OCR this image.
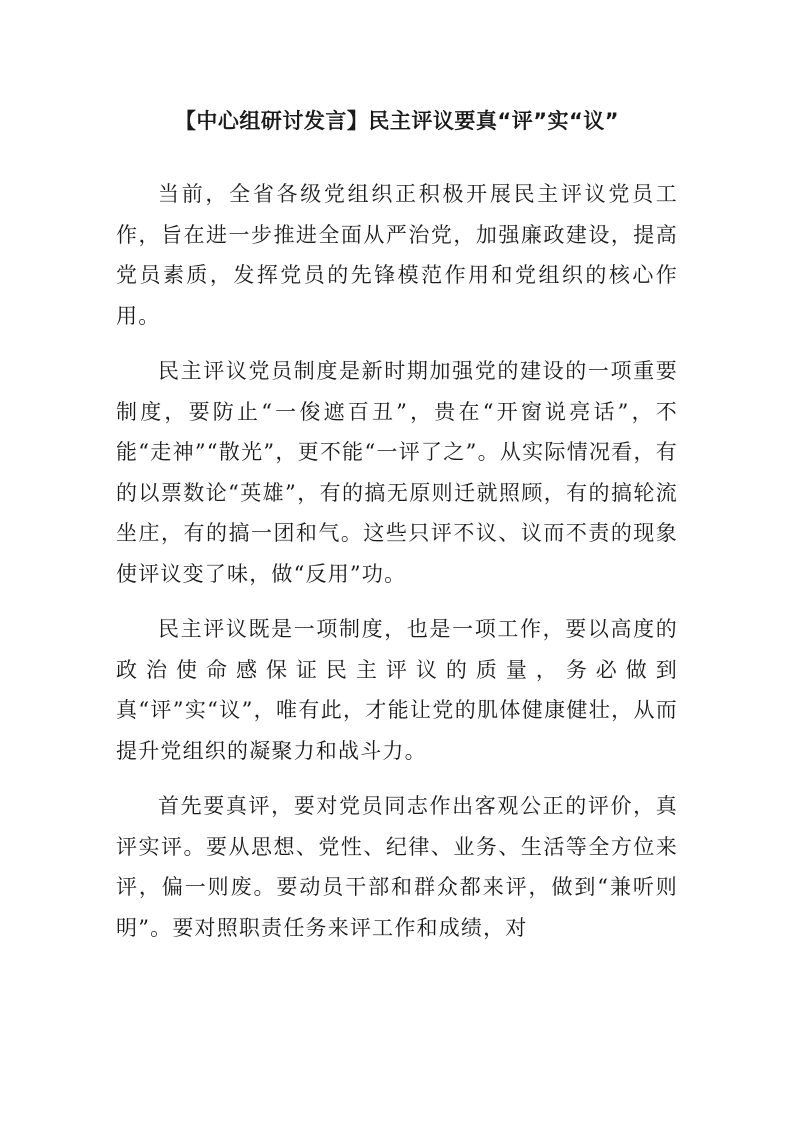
【中心组研讨发言】民主评议要真“评”实“议”

当前，全省各级党组织正积极开展民主评议党员工作，旨在进一步推进全面从严治党，加强廉政建设，提高党员素质，发挥党员的先锋模范作用和党组织的核心作用。

民主评议党员制度是新时期加强党的建设的一项重要制度，要防止“一俊遮百丑”，贵在“开窗说亮话”，不能“走神”“散光”，更不能“一评了之”。从实际情况看，有的以票数论“英雄”，有的搞无原则迁就照顾，有的搞轮流坐庄，有的搞一团和气。这些只评不议、议而不责的现象使评议变了味，做“反用”功。

民主评议既是一项制度，也是一项工作，要以高度的政治使命感保证民主评议的质量，务必做到真“评”实“议”，唯有此，才能让党的肌体健康健壮，从而提升党组织的凝聚力和战斗力。

首先要真评，要对党员同志作出客观公正的评价，真评实评。要从思想、党性、纪律、业务、生活等全方位来评，偏一则废。要动员干部和群众都来评，做到“兼听则明”。要对照职责任务来评工作和成绩，对
